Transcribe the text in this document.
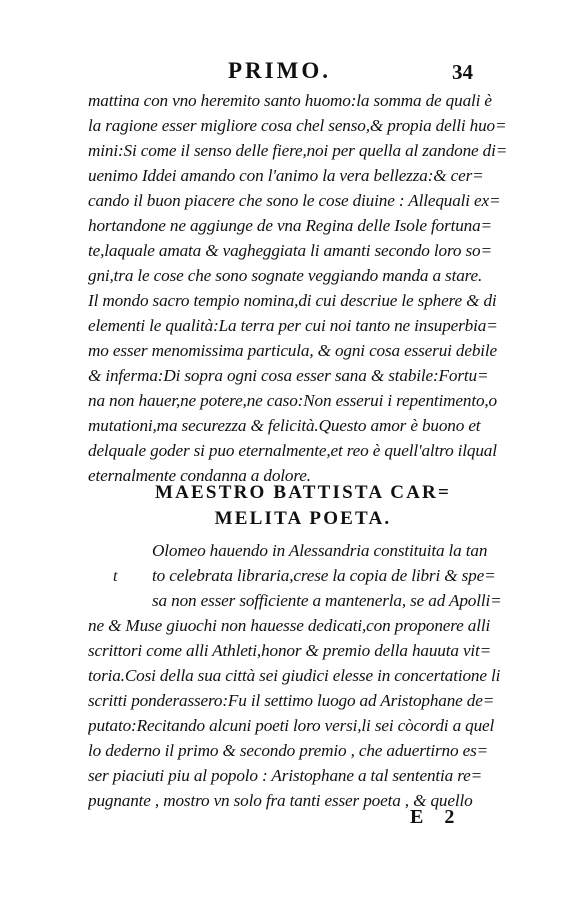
PRIMO.	34
mattina con vno heremito santo huomo:la somma de quali è
la ragione esser migliore cosa chel senso,& propia delli huo=
mini:Si come il senso delle fiere,noi per quella al zandone di=
uenimo Iddei amando con l'animo la vera bellezza:& cer=
cando il buon piacere che sono le cose diuine : Allequali ex=
hortandone ne aggiunge de vna Regina delle Isole fortuna=
te,laquale amata & vagheggiata li amanti secondo loro so=
gni,tra le cose che sono sognate veggiando manda a stare.
Il mondo sacro tempio nomina,di cui descriue le sphere & di
elementi le qualità:La terra per cui noi tanto ne insuperbia=
mo esser menomissima particula, & ogni cosa esserui debile
& inferma:Di sopra ogni cosa esser sana & stabile:Fortu=
na non hauer,ne potere,ne caso:Non esserui i repentimento,o
mutationi,ma securezza & felicità.Questo amor è buono et
delquale goder si puo eternalmente,et reo è quell'altro ilqual
eternalmente condanna a dolore.
MAESTRO BATTISTA CAR=
MELITA POETA.
t
Olomeo hauendo in Alessandria constituita la tan
to celebrata libraria,crese la copia de libri & spe=
sa non esser sofficiente a mantenerla, se ad Apolli=
ne & Muse giuochi non hauesse dedicati,con proponere alli
scrittori come alli Athleti,honor & premio della hauuta vit=
toria.Cosi della sua città sei giudici elesse in concertatione li
scritti ponderassero:Fu il settimo luogo ad Aristophane de=
putato:Recitando alcuni poeti loro versi,li sei còcordi a quel
lo dederno il primo & secondo premio , che aduertirno es=
ser piaciuti piu al popolo : Aristophane a tal sententia re=
pugnante , mostro vn solo fra tanti esser poeta , & quello
E 2
